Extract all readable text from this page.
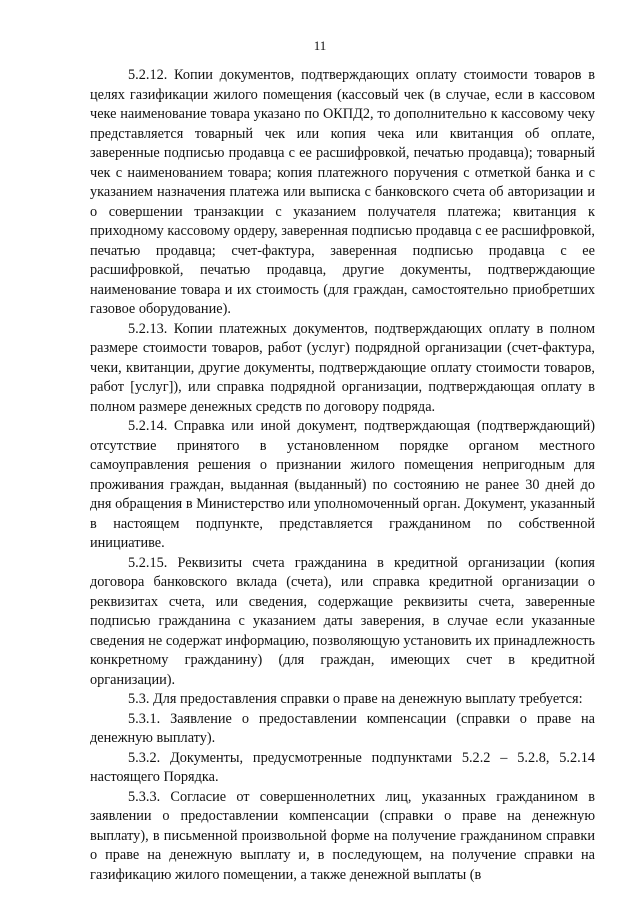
11

5.2.12. Копии документов, подтверждающих оплату стоимости товаров в целях газификации жилого помещения (кассовый чек (в случае, если в кассовом чеке наименование товара указано по ОКПД2, то дополнительно к кассовому чеку представляется товарный чек или копия чека или квитанция об оплате, заверенные подписью продавца с ее расшифровкой, печатью продавца); товарный чек с наименованием товара; копия платежного поручения с отметкой банка и с указанием назначения платежа или выписка с банковского счета об авторизации и о совершении транзакции с указанием получателя платежа; квитанция к приходному кассовому ордеру, заверенная подписью продавца с ее расшифровкой, печатью продавца; счет-фактура, заверенная подписью продавца с ее расшифровкой, печатью продавца, другие документы, подтверждающие наименование товара и их стоимость (для граждан, самостоятельно приобретших газовое оборудование).

5.2.13. Копии платежных документов, подтверждающих оплату в полном размере стоимости товаров, работ (услуг) подрядной организации (счет-фактура, чеки, квитанции, другие документы, подтверждающие оплату стоимости товаров, работ [услуг]), или справка подрядной организации, подтверждающая оплату в полном размере денежных средств по договору подряда.

5.2.14. Справка или иной документ, подтверждающая (подтверждающий) отсутствие принятого в установленном порядке органом местного самоуправления решения о признании жилого помещения непригодным для проживания граждан, выданная (выданный) по состоянию не ранее 30 дней до дня обращения в Министерство или уполномоченный орган. Документ, указанный в настоящем подпункте, представляется гражданином по собственной инициативе.

5.2.15. Реквизиты счета гражданина в кредитной организации (копия договора банковского вклада (счета), или справка кредитной организации о реквизитах счета, или сведения, содержащие реквизиты счета, заверенные подписью гражданина с указанием даты заверения, в случае если указанные сведения не содержат информацию, позволяющую установить их принадлежность конкретному гражданину) (для граждан, имеющих счет в кредитной организации).

5.3. Для предоставления справки о праве на денежную выплату требуется:

5.3.1. Заявление о предоставлении компенсации (справки о праве на денежную выплату).

5.3.2. Документы, предусмотренные подпунктами 5.2.2 – 5.2.8, 5.2.14 настоящего Порядка.

5.3.3. Согласие от совершеннолетних лиц, указанных гражданином в заявлении о предоставлении компенсации (справки о праве на денежную выплату), в письменной произвольной форме на получение гражданином справки о праве на денежную выплату и, в последующем, на получение справки на газификацию жилого помещении, а также денежной выплаты (в
